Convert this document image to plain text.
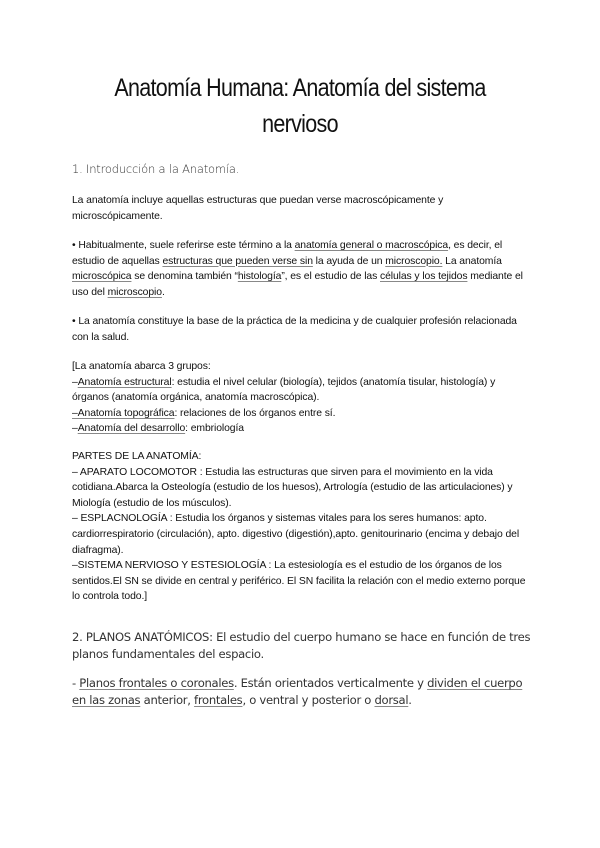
Anatomía Humana: Anatomía del sistema
nervioso
1. Introducción a la Anatomía.
La anatomía incluye aquellas estructuras que puedan verse macroscópicamente y microscópicamente.
• Habitualmente, suele referirse este término a la anatomía general o macroscópica, es decir, el estudio de aquellas estructuras que pueden verse sin la ayuda de un microscopio. La anatomía microscópica se denomina también “histología”, es el estudio de las células y los tejidos mediante el uso del microscopio.
• La anatomía constituye la base de la práctica de la medicina y de cualquier profesión relacionada con la salud.
[La anatomía abarca 3 grupos:
–Anatomía estructural: estudia el nivel celular (biología), tejidos (anatomía tisular, histología) y órganos (anatomía orgánica, anatomía macroscópica).
–Anatomía topográfica: relaciones de los órganos entre sí.
–Anatomía del desarrollo: embriología
PARTES DE LA ANATOMÍA:
– APARATO LOCOMOTOR : Estudia las estructuras que sirven para el movimiento en la vida cotidiana.Abarca la Osteología (estudio de los huesos), Artrología (estudio de las articulaciones) y Miología (estudio de los músculos).
– ESPLACNOLOGÍA : Estudia los órganos y sistemas vitales para los seres humanos: apto. cardiorrespiratorio (circulación), apto. digestivo (digestión),apto. genitourinario (encima y debajo del diafragma).
–SISTEMA NERVIOSO Y ESTESIOLOGÍA : La estesiología es el estudio de los órganos de los sentidos.El SN se divide en central y periférico. El SN facilita la relación con el medio externo porque lo controla todo.]
2. PLANOS ANATÓMICOS: El estudio del cuerpo humano se hace en función de tres planos fundamentales del espacio.
- Planos frontales o coronales. Están orientados verticalmente y dividen el cuerpo en las zonas anterior, frontales, o ventral y posterior o dorsal.
